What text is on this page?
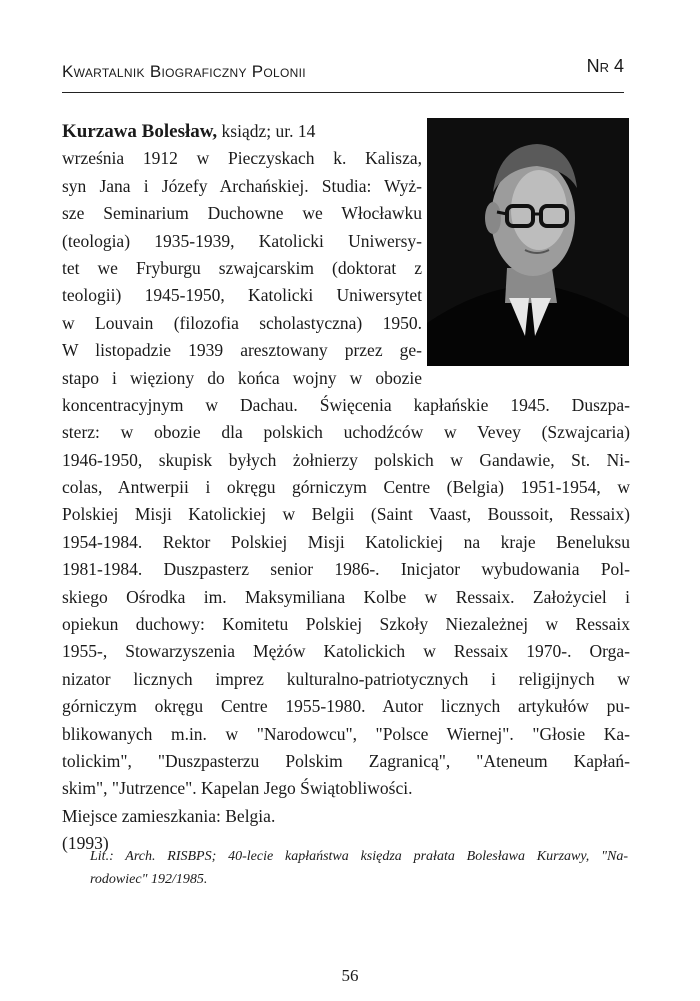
Kwartalnik Biograficzny Polonii	Nr 4
Kurzawa Bolesław, ksiądz; ur. 14
września 1912 w Pieczyskach k. Kalisza,
syn Jana i Józefy Archańskiej. Studia: Wyż-
sze Seminarium Duchowne we Włocławku
(teologia) 1935-1939, Katolicki Uniwersy-
tet we Fryburgu szwajcarskim (doktorat z
teologii) 1945-1950, Katolicki Uniwersytet
w Louvain (filozofia scholastyczna) 1950.
W listopadzie 1939 aresztowany przez ge-
stapo i więziony do końca wojny w obozie
koncentracyjnym w Dachau. Święcenia kapłańskie 1945. Duszpa-
sterz: w obozie dla polskich uchodźców w Vevey (Szwajcaria)
1946-1950, skupisk byłych żołnierzy polskich w Gandawie, St. Ni-
colas, Antwerpii i okręgu górniczym Centre (Belgia) 1951-1954, w
Polskiej Misji Katolickiej w Belgii (Saint Vaast, Boussoit, Ressaix)
1954-1984. Rektor Polskiej Misji Katolickiej na kraje Beneluksu
1981-1984. Duszpasterz senior 1986-. Inicjator wybudowania Pol-
skiego Ośrodka im. Maksymiliana Kolbe w Ressaix. Założyciel i
opiekun duchowy: Komitetu Polskiej Szkoły Niezależnej w Ressaix
1955-, Stowarzyszenia Mężów Katolickich w Ressaix 1970-. Orga-
nizator licznych imprez kulturalno-patriotycznych i religijnych w
górniczym okręgu Centre 1955-1980. Autor licznych artykułów pu-
blikowanych m.in. w "Narodowcu", "Polsce Wiernej". "Głosie Ka-
tolickim", "Duszpasterzu Polskim Zagranicą", "Ateneum Kapłań-
skim", "Jutrzence". Kapelan Jego Świątobliwości.
Miejsce zamieszkania: Belgia.
(1993)
Lit.: Arch. RISBPS; 40-lecie kapłaństwa księdza prałata Bolesława Kurzawy, "Na-
rodowiec" 192/1985.
56
